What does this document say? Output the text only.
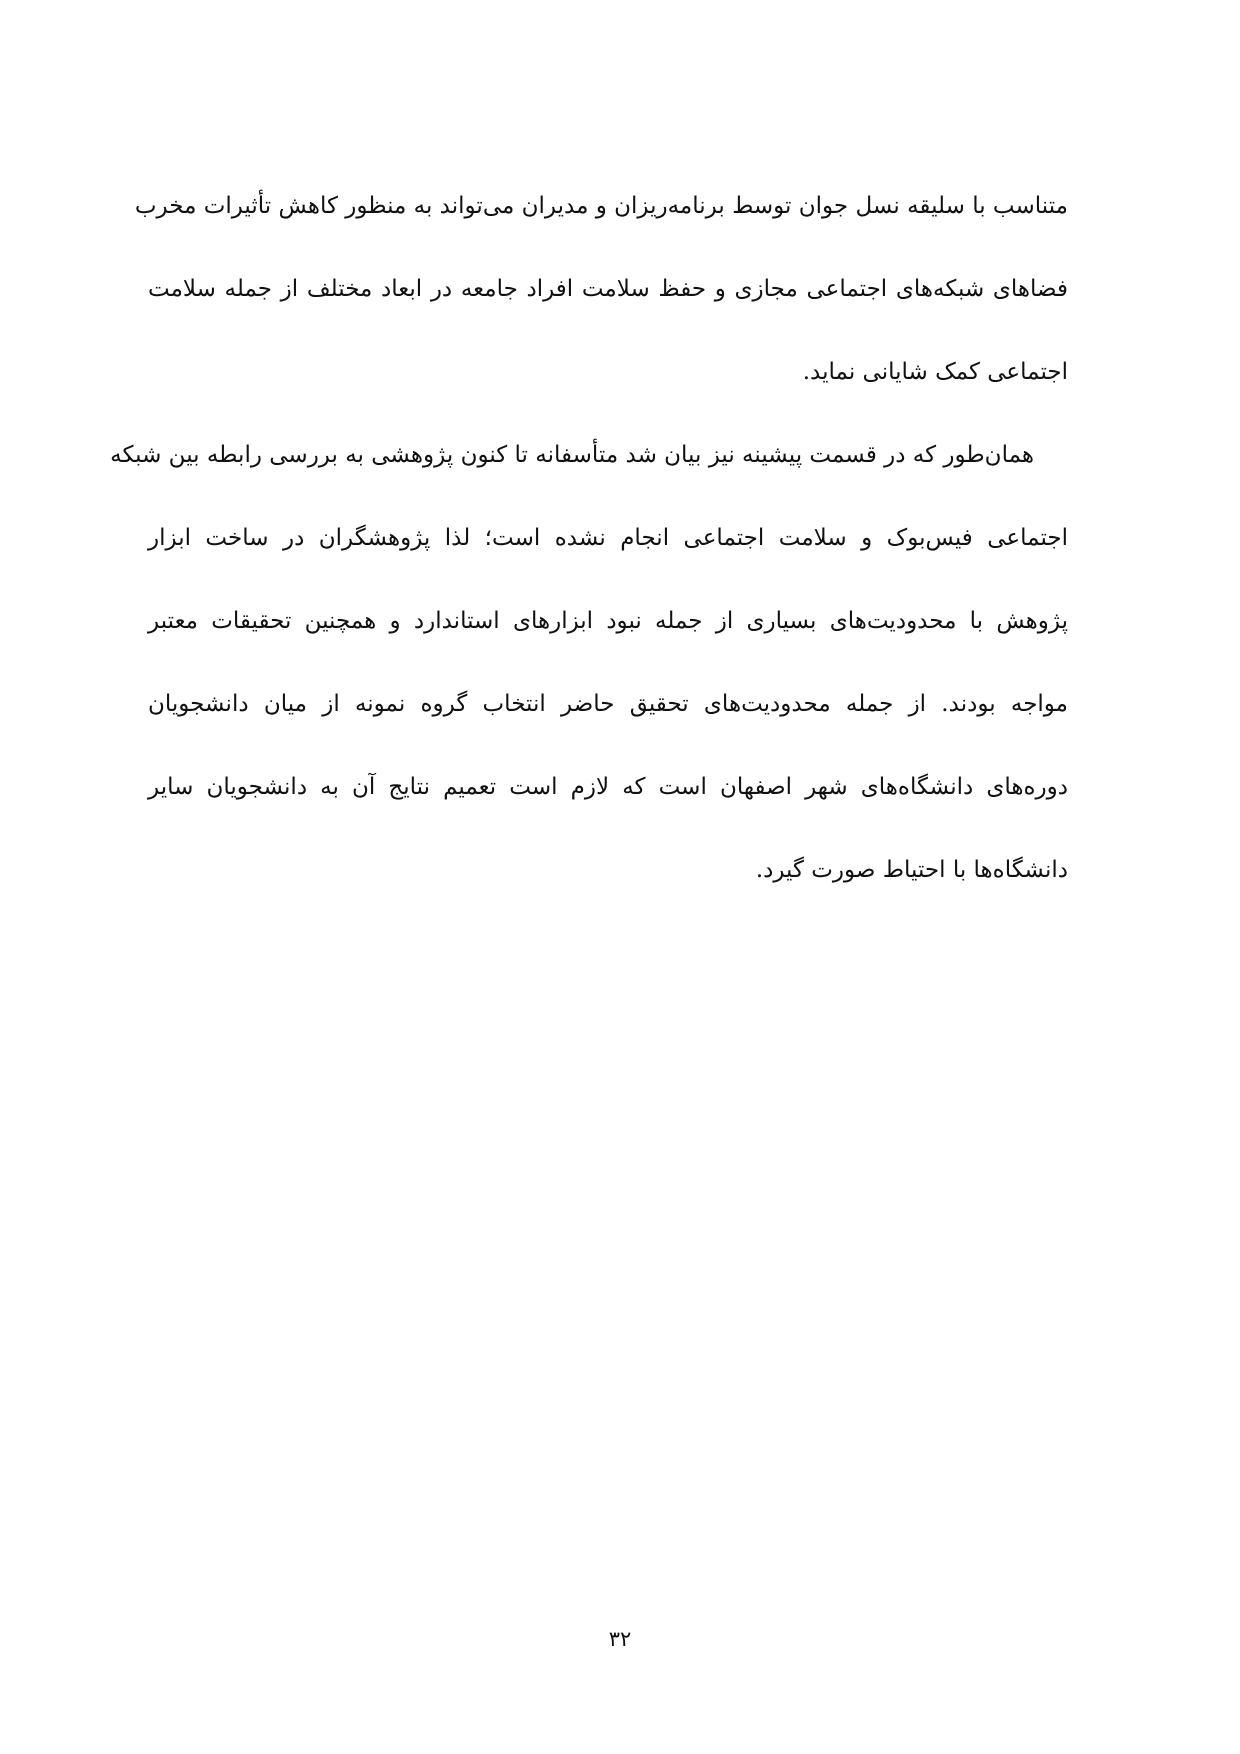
متناسب با سلیقه نسل جوان توسط برنامه‌ریزان و مدیران می‌تواند به منظور کاهش تأثیرات مخرب
فضاهای شبکه‌های اجتماعی مجازی و حفظ سلامت افراد جامعه در ابعاد مختلف از جمله سلامت
اجتماعی کمک شایانی نماید.
همان‌طور که در قسمت پیشینه نیز بیان شد متأسفانه تا کنون پژوهشی به بررسی رابطه بین شبکه
اجتماعی فیس‌بوک و سلامت اجتماعی انجام نشده است؛ لذا پژوهشگران در ساخت ابزار
پژوهش با محدودیت‌های بسیاری از جمله نبود ابزارهای استاندارد و همچنین تحقیقات معتبر
مواجه بودند. از جمله محدودیت‌های تحقیق حاضر انتخاب گروه نمونه از میان دانشجویان
دوره‌های دانشگاه‌های شهر اصفهان است که لازم است تعمیم نتایج آن به دانشجویان سایر
دانشگاه‌ها با احتیاط صورت گیرد.
۳۲
